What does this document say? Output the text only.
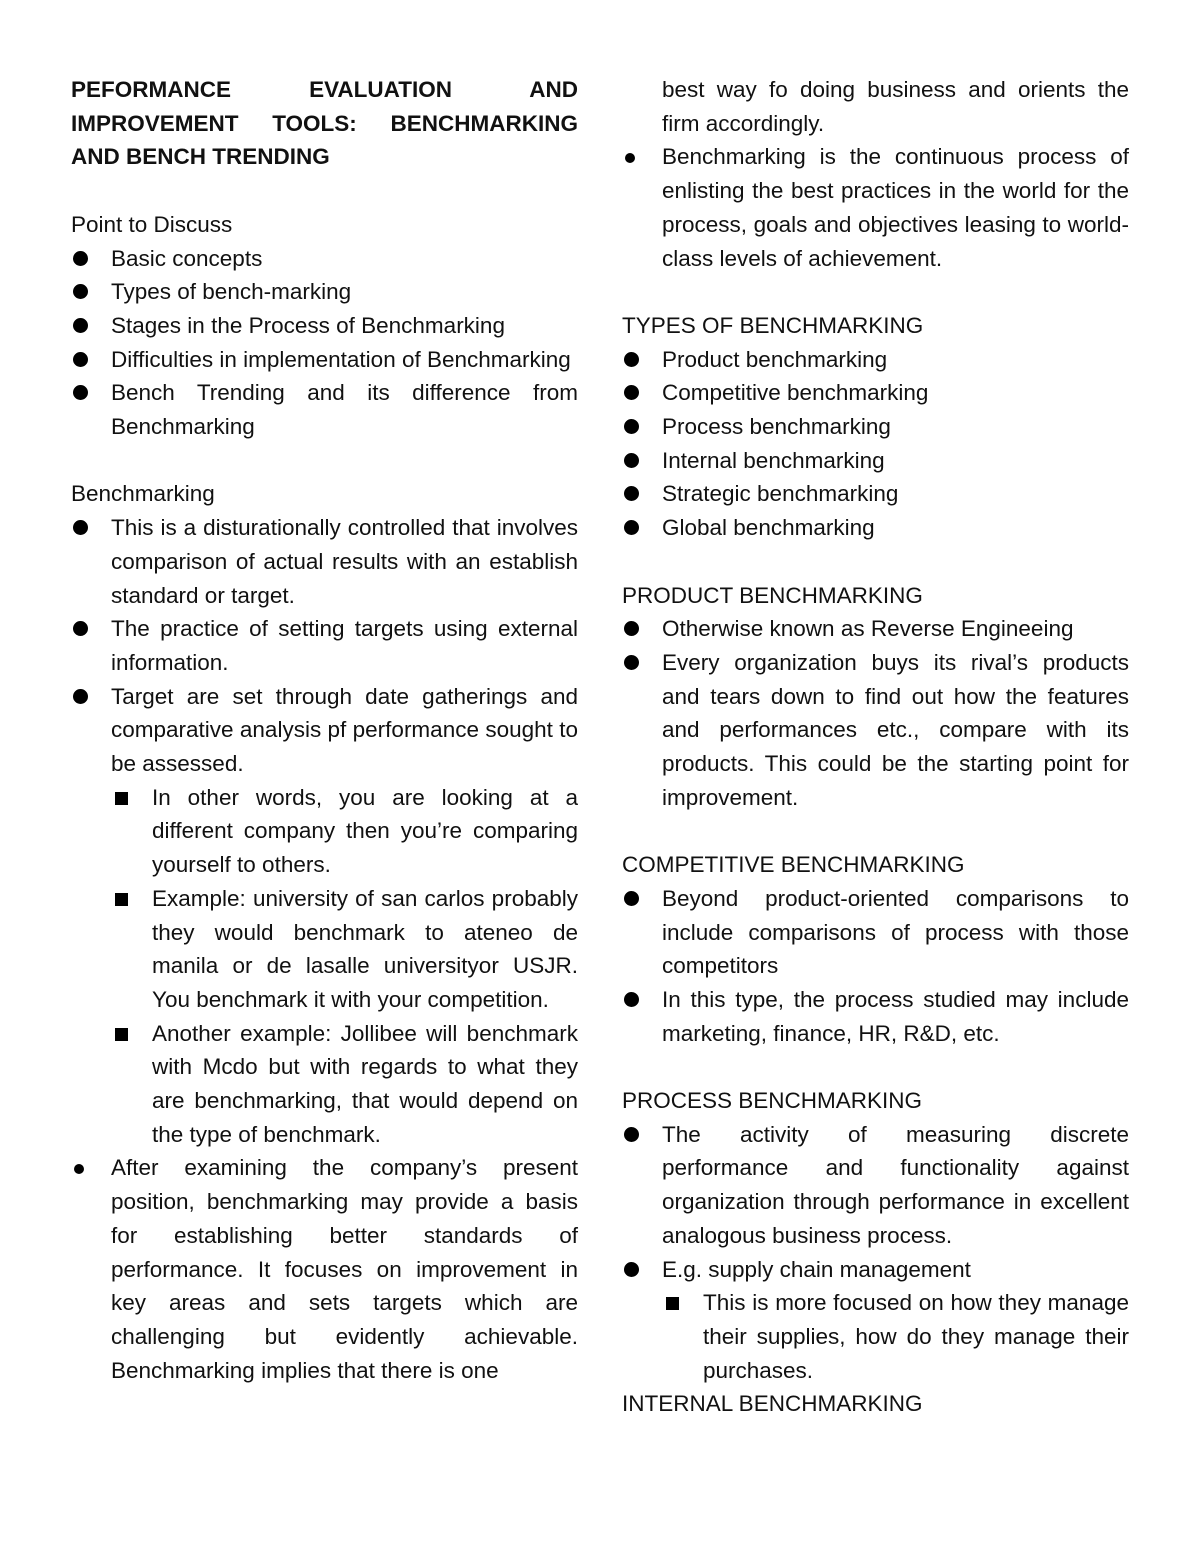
PEFORMANCE EVALUATION AND
IMPROVEMENT TOOLS: BENCHMARKING
AND BENCH TRENDING
Point to Discuss
Basic concepts
Types of bench-marking
Stages in the Process of Benchmarking
Difficulties in implementation of Benchmarking
Bench Trending and its difference from Benchmarking
Benchmarking
This is a disturationally controlled that involves comparison of actual results with an establish standard or target.
The practice of setting targets using external information.
Target are set through date gatherings and comparative analysis pf performance sought to be assessed.
In other words, you are looking at a different company then you’re comparing yourself to others.
Example: university of san carlos probably they would benchmark to ateneo de manila or de lasalle universityor USJR. You benchmark it with your competition.
Another example: Jollibee will benchmark with Mcdo but with regards to what they are benchmarking, that would depend on the type of benchmark.
After examining the company’s present position, benchmarking may provide a basis for establishing better standards of performance. It focuses on improvement in key areas and sets targets which are challenging but evidently achievable. Benchmarking implies that there is one
best way fo doing business and orients the firm accordingly.
Benchmarking is the continuous process of enlisting the best practices in the world for the process, goals and objectives leasing to world-class levels of achievement.
TYPES OF BENCHMARKING
Product benchmarking
Competitive benchmarking
Process benchmarking
Internal benchmarking
Strategic benchmarking
Global benchmarking
PRODUCT BENCHMARKING
Otherwise known as Reverse Engineeing
Every organization buys its rival’s products and tears down to find out how the features and performances etc., compare with its products. This could be the starting point for improvement.
COMPETITIVE BENCHMARKING
Beyond product-oriented comparisons to include comparisons of process with those competitors
In this type, the process studied may include marketing, finance, HR, R&D, etc.
PROCESS BENCHMARKING
The activity of measuring discrete performance and functionality against organization through performance in excellent analogous business process.
E.g. supply chain management
This is more focused on how they manage their supplies, how do they manage their purchases.
INTERNAL BENCHMARKING
